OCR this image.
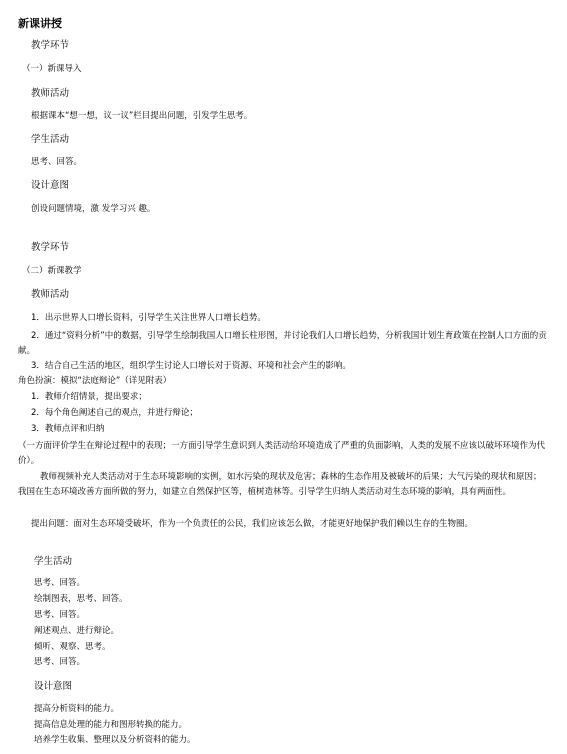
新课讲授
教学环节
（一）新课导入
教师活动
根据课本“想一想，议一议”栏目提出问题，引发学生思考。
学生活动
思考、回答。
设计意图
创设问题情境，激 发学习兴 趣。
教学环节
（二）新课教学
教师活动
1．出示世界人口增长资料，引导学生关注世界人口增长趋势。
2．通过“资料分析”中的数据，引导学生绘制我国人口增长柱形图，并讨论我们人口增长趋势，分析我国计划生育政策在控制人口方面的贡献。
3．结合自己生活的地区，组织学生讨论人口增长对于资源、环境和社会产生的影响。
角色扮演：模拟“法庭辩论”（详见附表）
1．教师介绍情景，提出要求；
2．每个角色阐述自己的观点，并进行辩论；
3．教师点评和归纳
（一方面评价学生在辩论过程中的表现；一方面引导学生意识到人类活动给环境造成了严重的负面影响，人类的发展不应该以破坏环境作为代价）。
教师视频补充人类活动对于生态环境影响的实例，如水污染的现状及危害；森林的生态作用及被破坏的后果；大气污染的现状和原因；我国在生态环境改善方面所做的努力，如建立自然保护区等，植树造林等。引导学生归纳人类活动对生态环境的影响，具有两面性。
提出问题：面对生态环境受破坏，作为一个负责任的公民，我们应该怎么做，才能更好地保护我们赖以生存的生物圈。
学生活动
思考、回答。
绘制图表，思考、回答。
思考、回答。
阐述观点、进行辩论。
倾听、观察、思考。
思考、回答。
设计意图
提高分析资料的能力。
提高信息处理的能力和图形转换的能力。
培养学生收集、整理以及分析资料的能力。
